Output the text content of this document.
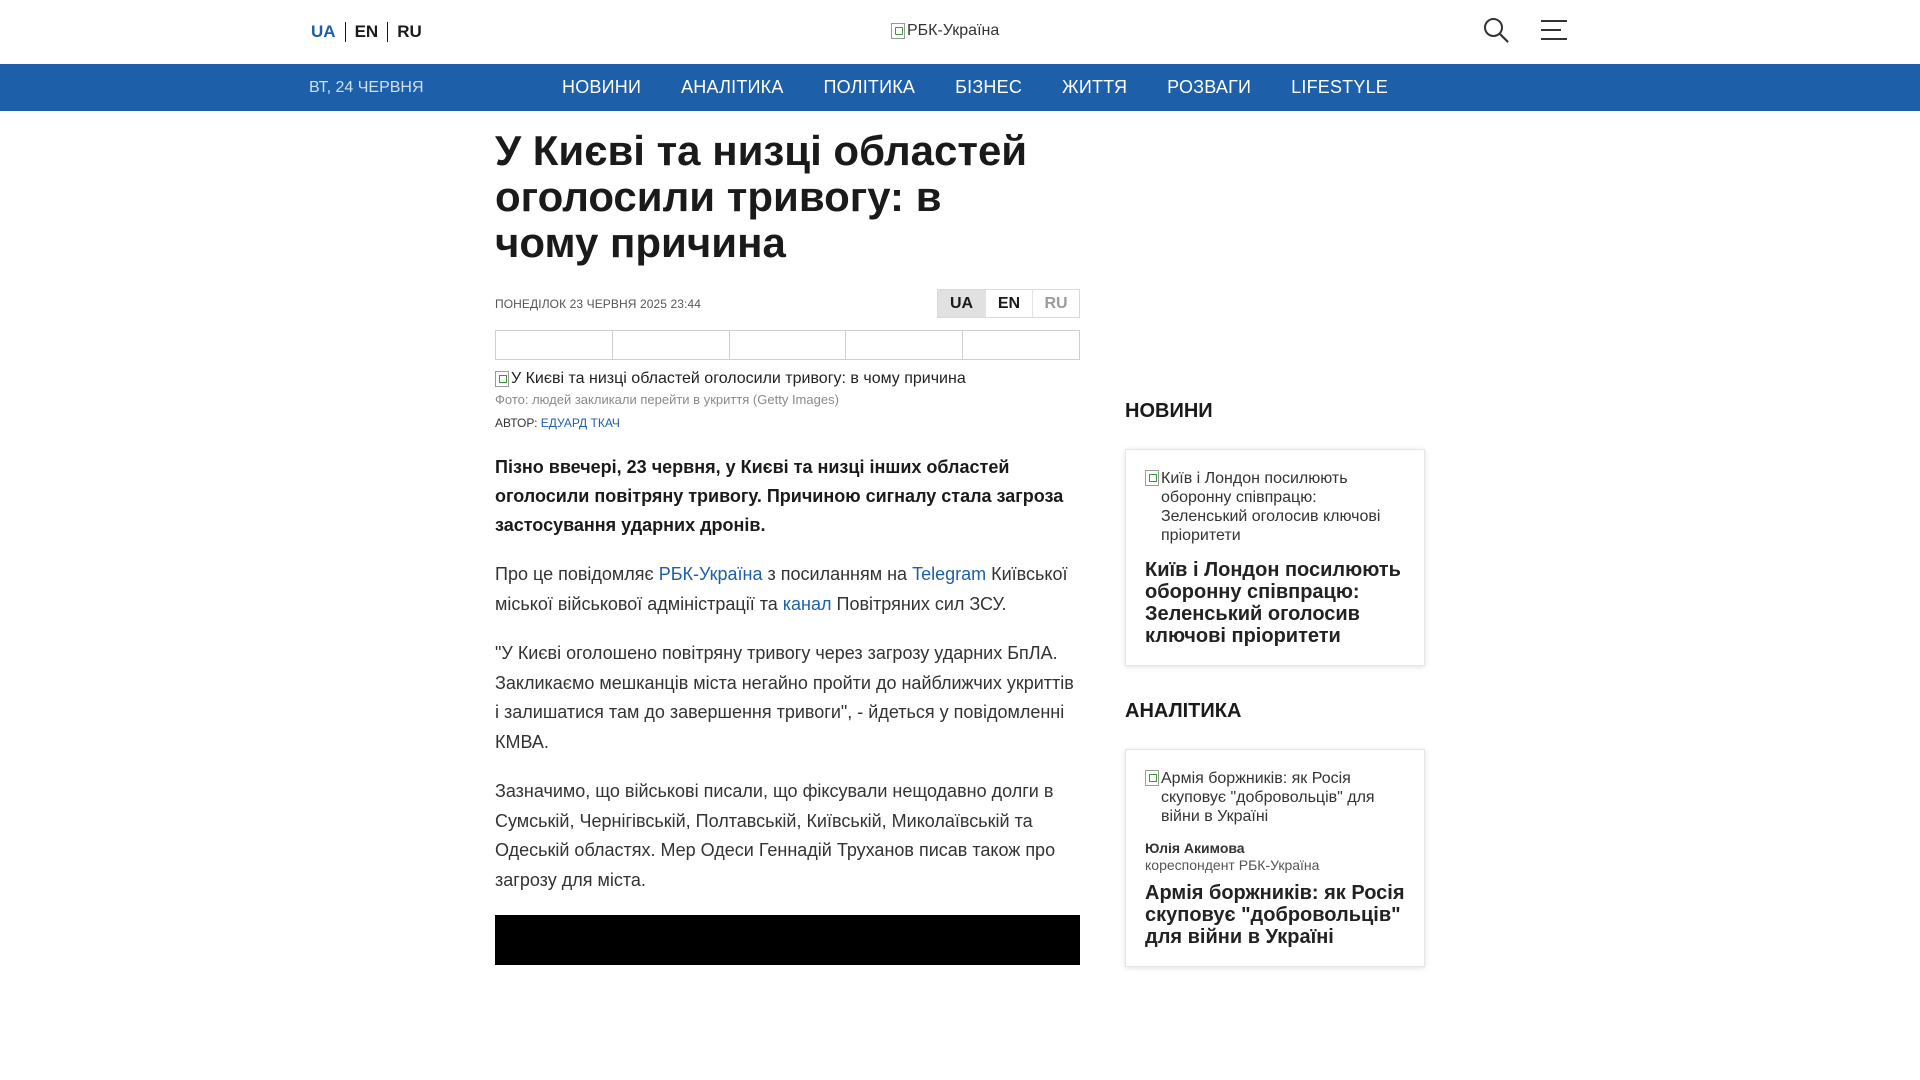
UA	EN	RU	РБК-Україна
ВТ, 24 ЧЕРВНЯ	НОВИНИ АНАЛІТИКА ПОЛІТИКА БІЗНЕС ЖИТТЯ РОЗВАГИ LIFESTYLE
У Києві та низці областей оголосили тривогу: в чому причина
ПОНЕДІЛОК 23 ЧЕРВНЯ 2025 23:44	UA	EN	RU
У Києві та низці областей оголосили тривогу: в чому причина
Фото: людей закликали перейти в укриття (Getty Images)
АВТОР: ЕДУАРД ТКАЧ

Пізно ввечері, 23 червня, у Києві та низці інших областей оголосили повітряну тривогу. Причиною сигналу стала загроза застосування ударних дронів.

Про це повідомляє РБК-Україна з посиланням на Telegram Київської міської військової адміністрації та канал Повітряних сил ЗСУ.

"У Києві оголошено повітряну тривогу через загрозу ударних БпЛА. Закликаємо мешканців міста негайно пройти до найближчих укриттів і залишатися там до завершення тривоги", - йдеться у повідомленні КМВА.

Зазначимо, що військові писали, що фіксували нещодавно долги в Сумській, Чернігівській, Полтавській, Київській, Миколаївській та Одеській областях. Мер Одеси Геннадій Труханов писав також про загрозу для міста.

НОВИНИ
Київ і Лондон посилюють оборонну співпрацю: Зеленський оголосив ключові пріоритети
Київ і Лондон посилюють оборонну співпрацю: Зеленський оголосив ключові пріоритети
АНАЛІТИКА
Армія боржників: як Росія скуповує "добровольців" для війни в Україні
Юлія Акимова
кореспондент РБК-Україна
Армія боржників: як Росія скуповує "добровольців" для війни в Україні
